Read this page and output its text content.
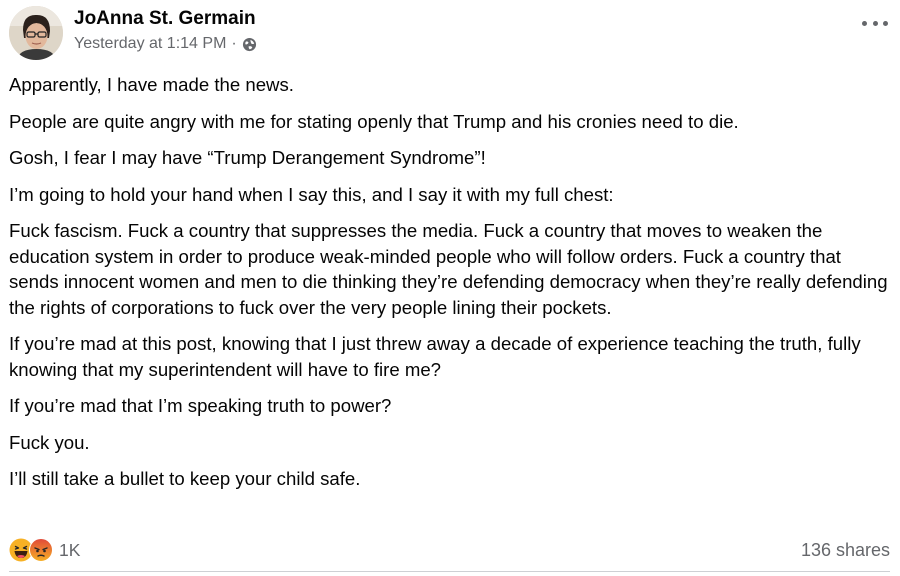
JoAnna St. Germain
Yesterday at 1:14 PM ·

Apparently, I have made the news.

People are quite angry with me for stating openly that Trump and his cronies need to die.

Gosh, I fear I may have “Trump Derangement Syndrome”!

I’m going to hold your hand when I say this, and I say it with my full chest:

Fuck fascism. Fuck a country that suppresses the media. Fuck a country that moves to weaken the education system in order to produce weak-minded people who will follow orders. Fuck a country that sends innocent women and men to die thinking they’re defending democracy when they’re really defending the rights of corporations to fuck over the very people lining their pockets.

If you’re mad at this post, knowing that I just threw away a decade of experience teaching the truth, fully knowing that my superintendent will have to fire me?

If you’re mad that I’m speaking truth to power?

Fuck you.

I’ll still take a bullet to keep your child safe.

1K	136 shares
